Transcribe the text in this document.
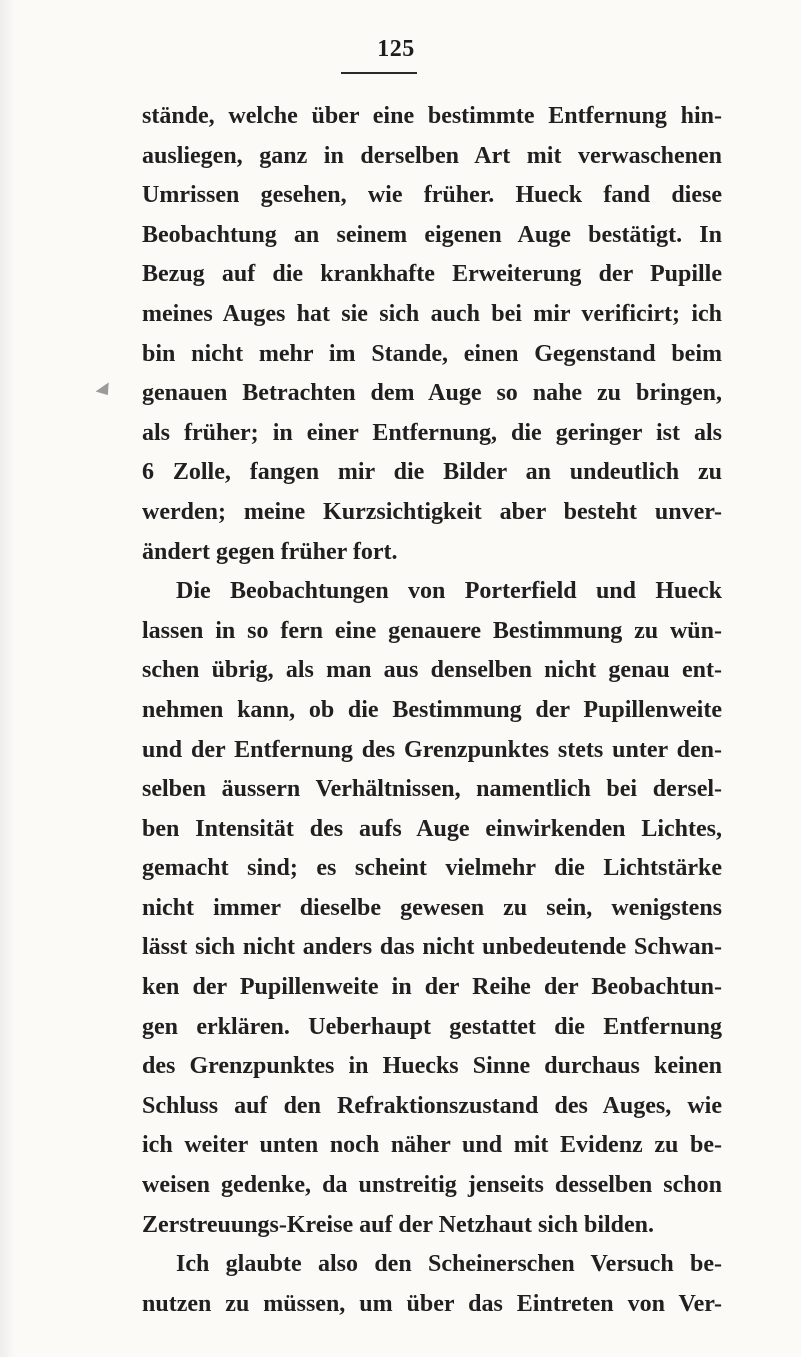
125
stände, welche über eine bestimmte Entfernung hin-
ausliegen, ganz in derselben Art mit verwaschenen
Umrissen gesehen, wie früher. Hueck fand diese
Beobachtung an seinem eigenen Auge bestätigt. In
Bezug auf die krankhafte Erweiterung der Pupille
meines Auges hat sie sich auch bei mir verificirt; ich
bin nicht mehr im Stande, einen Gegenstand beim
genauen Betrachten dem Auge so nahe zu bringen,
als früher; in einer Entfernung, die geringer ist als
6 Zolle, fangen mir die Bilder an undeutlich zu
werden; meine Kurzsichtigkeit aber besteht unver-
ändert gegen früher fort.
Die Beobachtungen von Porterfield und Hueck
lassen in so fern eine genauere Bestimmung zu wün-
schen übrig, als man aus denselben nicht genau ent-
nehmen kann, ob die Bestimmung der Pupillenweite
und der Entfernung des Grenzpunktes stets unter den-
selben äussern Verhältnissen, namentlich bei dersel-
ben Intensität des aufs Auge einwirkenden Lichtes,
gemacht sind; es scheint vielmehr die Lichtstärke
nicht immer dieselbe gewesen zu sein, wenigstens
lässt sich nicht anders das nicht unbedeutende Schwan-
ken der Pupillenweite in der Reihe der Beobachtun-
gen erklären. Ueberhaupt gestattet die Entfernung
des Grenzpunktes in Huecks Sinne durchaus keinen
Schluss auf den Refraktionszustand des Auges, wie
ich weiter unten noch näher und mit Evidenz zu be-
weisen gedenke, da unstreitig jenseits desselben schon
Zerstreuungs-Kreise auf der Netzhaut sich bilden.
Ich glaubte also den Scheinerschen Versuch be-
nutzen zu müssen, um über das Eintreten von Ver-
